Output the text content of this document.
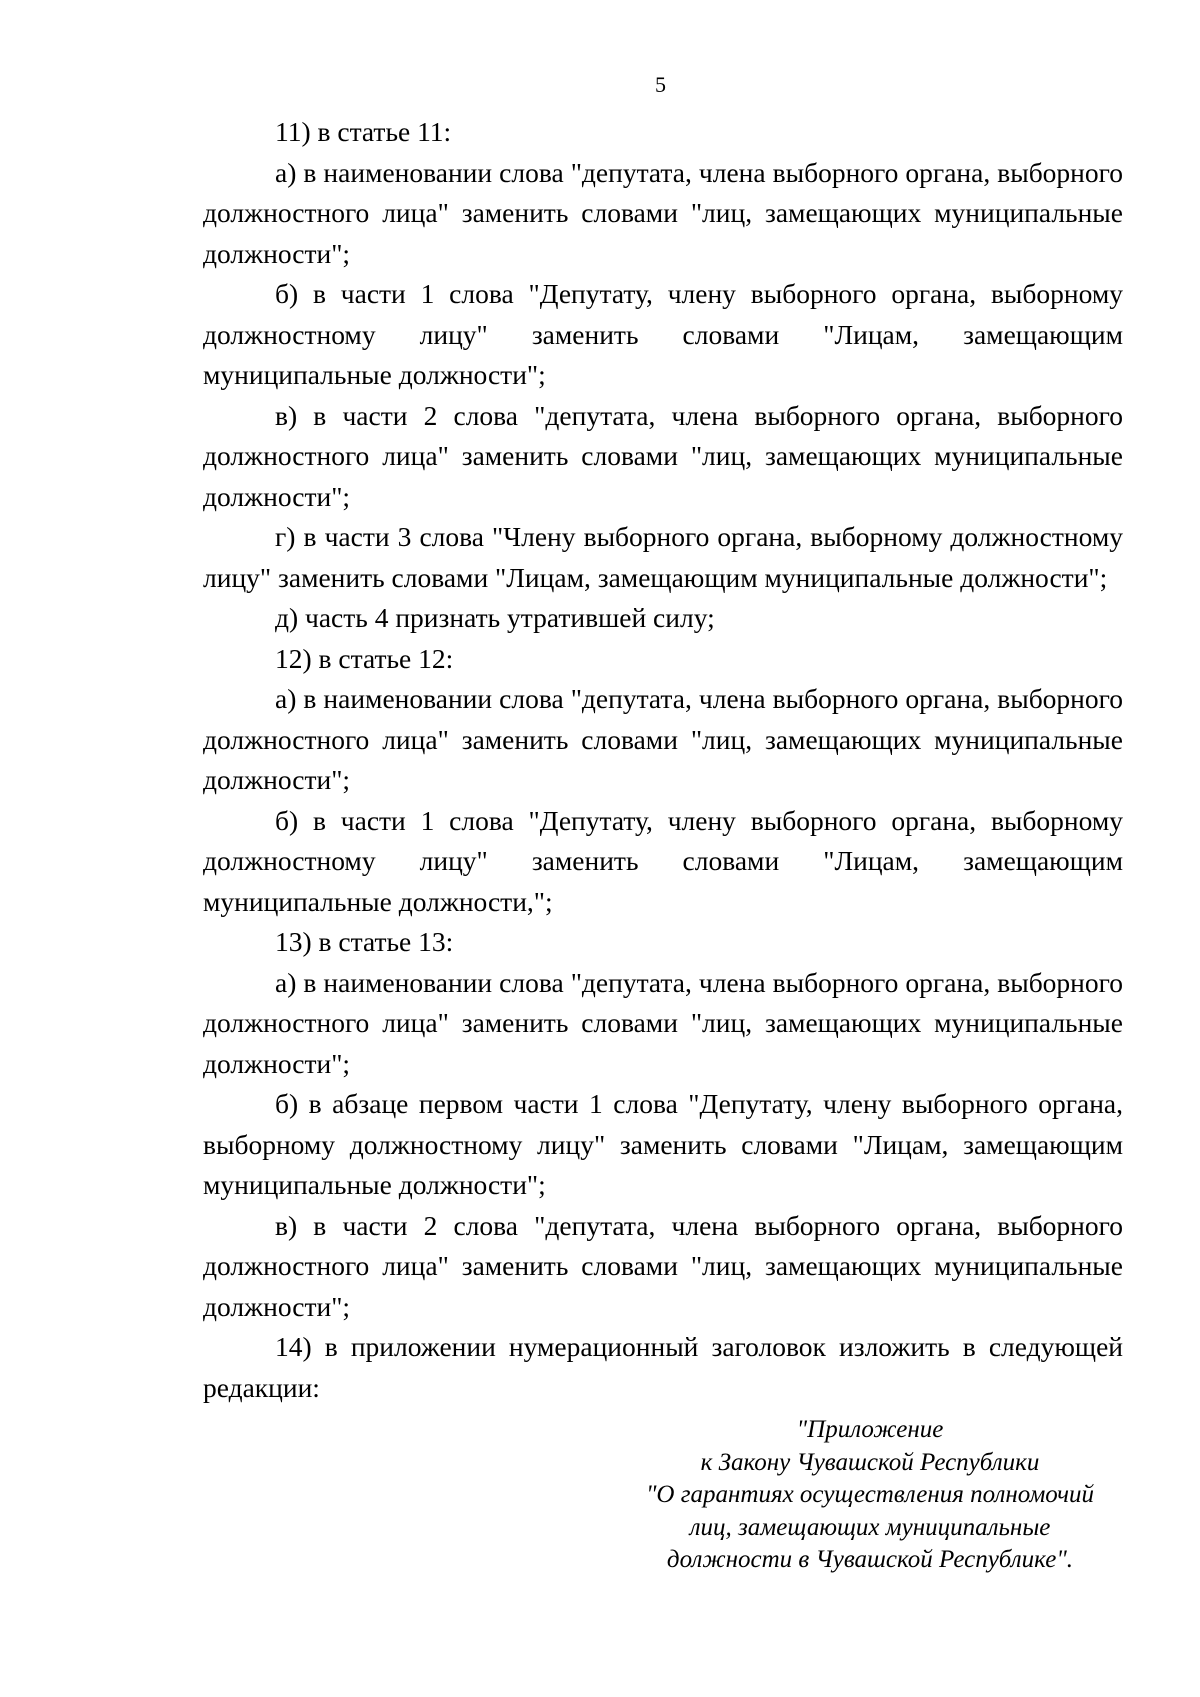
5

11) в статье 11:

а) в наименовании слова "депутата, члена выборного органа, выборного должностного лица" заменить словами "лиц, замещающих муниципальные должности";

б) в части 1 слова "Депутату, члену выборного органа, выборному должностному лицу" заменить словами "Лицам, замещающим муниципальные должности";

в) в части 2 слова "депутата, члена выборного органа, выборного должностного лица" заменить словами "лиц, замещающих муниципальные должности";

г) в части 3 слова "Члену выборного органа, выборному должностному лицу" заменить словами "Лицам, замещающим муниципальные должности";

д) часть 4 признать утратившей силу;

12) в статье 12:

а) в наименовании слова "депутата, члена выборного органа, выборного должностного лица" заменить словами "лиц, замещающих муниципальные должности";

б) в части 1 слова "Депутату, члену выборного органа, выборному должностному лицу" заменить словами "Лицам, замещающим муниципальные должности,";

13) в статье 13:

а) в наименовании слова "депутата, члена выборного органа, выборного должностного лица" заменить словами "лиц, замещающих муниципальные должности";

б) в абзаце первом части 1 слова "Депутату, члену выборного органа, выборному должностному лицу" заменить словами "Лицам, замещающим муниципальные должности";

в) в части 2 слова "депутата, члена выборного органа, выборного должностного лица" заменить словами "лиц, замещающих муниципальные должности";

14) в приложении нумерационный заголовок изложить в следующей редакции:

"Приложение
к Закону Чувашской Республики
"О гарантиях осуществления полномочий
лиц, замещающих муниципальные
должности в Чувашской Республике".
